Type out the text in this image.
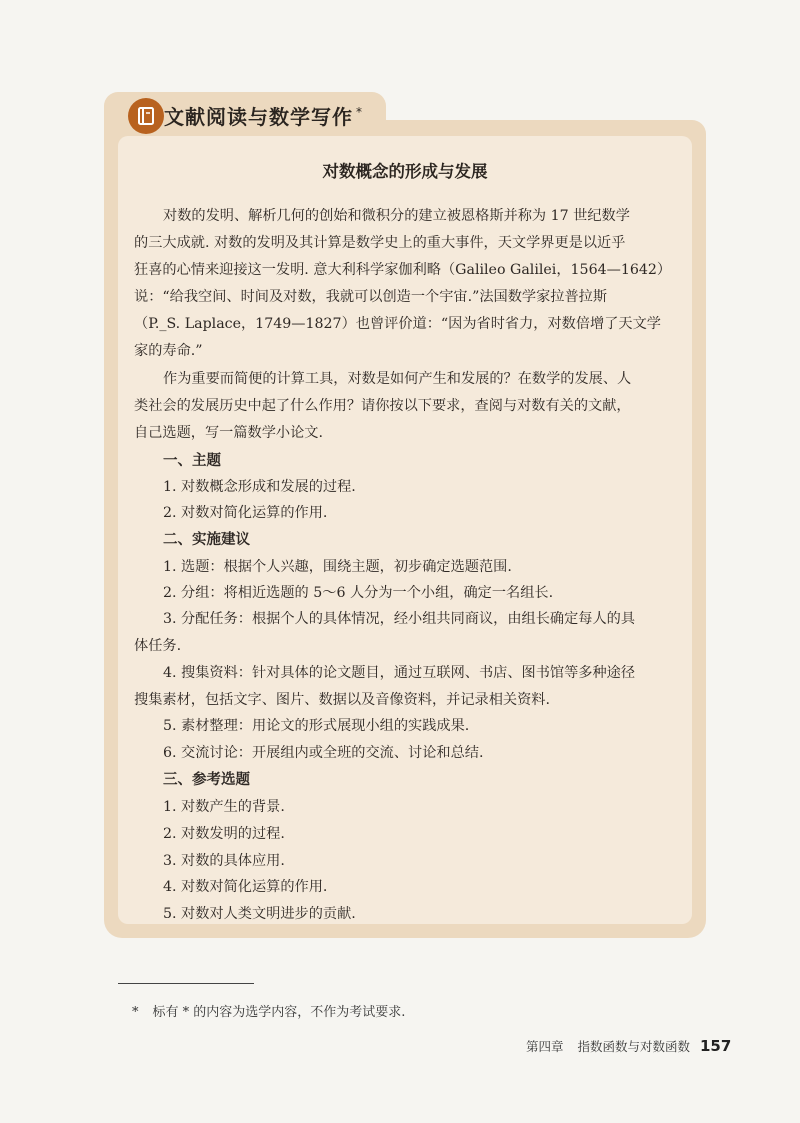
文献阅读与数学写作 *
对数概念的形成与发展
对数的发明、解析几何的创始和微积分的建立被恩格斯并称为 17 世纪数学
的三大成就. 对数的发明及其计算是数学史上的重大事件，天文学界更是以近乎
狂喜的心情来迎接这一发明. 意大利科学家伽利略（Galileo Galilei，1564—1642）
说：“给我空间、时间及对数，我就可以创造一个宇宙.”法国数学家拉普拉斯
（P._S. Laplace，1749—1827）也曾评价道：“因为省时省力，对数倍增了天文学
家的寿命.”
作为重要而简便的计算工具，对数是如何产生和发展的？在数学的发展、人
类社会的发展历史中起了什么作用？请你按以下要求，查阅与对数有关的文献，
自己选题，写一篇数学小论文.
一、主题
1. 对数概念形成和发展的过程.
2. 对数对简化运算的作用.
二、实施建议
1. 选题：根据个人兴趣，围绕主题，初步确定选题范围.
2. 分组：将相近选题的 5～6 人分为一个小组，确定一名组长.
3. 分配任务：根据个人的具体情况，经小组共同商议，由组长确定每人的具
体任务.
4. 搜集资料：针对具体的论文题目，通过互联网、书店、图书馆等多种途径
搜集素材，包括文字、图片、数据以及音像资料，并记录相关资料.
5. 素材整理：用论文的形式展现小组的实践成果.
6. 交流讨论：开展组内或全班的交流、讨论和总结.
三、参考选题
1. 对数产生的背景.
2. 对数发明的过程.
3. 对数的具体应用.
4. 对数对简化运算的作用.
5. 对数对人类文明进步的贡献.
* 标有 * 的内容为选学内容，不作为考试要求.
第四章 指数函数与对数函数 157
